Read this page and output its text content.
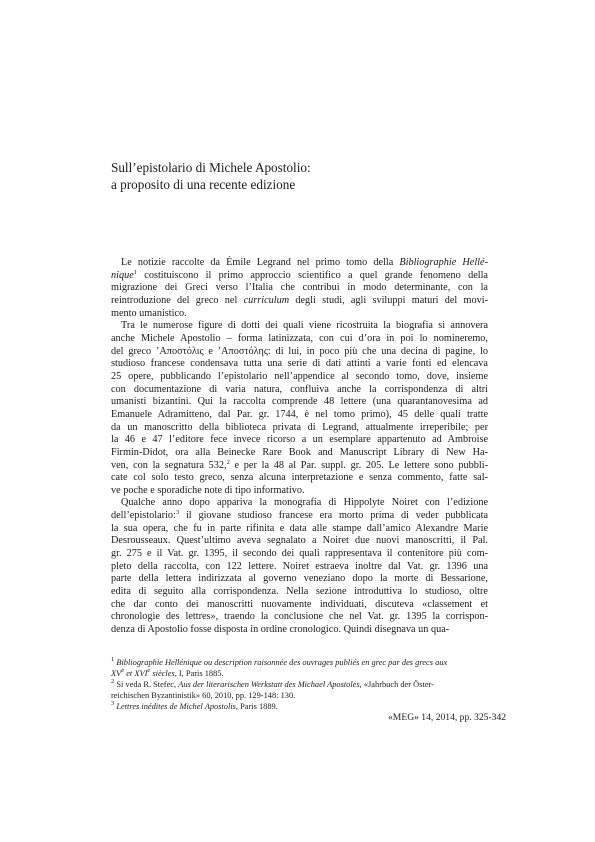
Sull’epistolario di Michele Apostolio:
a proposito di una recente edizione

Le notizie raccolte da Émile Legrand nel primo tomo della Bibliographie Hellé-
nique$^1$ costituiscono il primo approccio scientifico a quel grande fenomeno della
migrazione dei Greci verso l’Italia che contribuì in modo determinante, con la
reintroduzione del greco nel curriculum degli studi, agli sviluppi maturi del movi-
mento umanistico.

Tra le numerose figure di dotti dei quali viene ricostruita la biografia si annovera
anche Michele Apostolio – forma latinizzata, con cui d’ora in poi lo nomineremo,
del greco ’Αποστόλις e ’Αποστόλης: di lui, in poco più che una decina di pagine, lo
studioso francese condensava tutta una serie di dati attinti a varie fonti ed elencava
25 opere, pubblicando l’epistolario nell’appendice al secondo tomo, dove, insieme
con documentazione di varia natura, confluiva anche la corrispondenza di altri
umanisti bizantini. Qui la raccolta comprende 48 lettere (una quarantanovesima ad
Emanuele Adramitteno, dal Par. gr. 1744, è nel tomo primo), 45 delle quali tratte
da un manoscritto della biblioteca privata di Legrand, attualmente irreperibile; per
la 46 e 47 l’editore fece invece ricorso a un esemplare appartenuto ad Ambroise
Firmin-Didot, ora alla Beinecke Rare Book and Manuscript Library di New Ha-
ven, con la segnatura 532,$^2$ e per la 48 al Par. suppl. gr. 205. Le lettere sono pubbli-
cate col solo testo greco, senza alcuna interpretazione e senza commento, fatte sal-
ve poche e sporadiche note di tipo informativo.

Qualche anno dopo appariva la monografia di Hippolyte Noiret con l’edizione
dell’epistolario:$^3$ il giovane studioso francese era morto prima di veder pubblicata
la sua opera, che fu in parte rifinita e data alle stampe dall’amico Alexandre Marie
Desrousseaux. Quest’ultimo aveva segnalato a Noiret due nuovi manoscritti, il Pal.
gr. 275 e il Vat. gr. 1395, il secondo dei quali rappresentava il contenitore più com-
pleto della raccolta, con 122 lettere. Noiret estraeva inoltre dal Vat. gr. 1396 una
parte della lettera indirizzata al governo veneziano dopo la morte di Bessarione,
edita di seguito alla corrispondenza. Nella sezione introduttiva lo studioso, oltre
che dar conto dei manoscritti nuovamente individuati, discuteva «classement et
chronologie des lettres», traendo la conclusione che nel Vat. gr. 1395 la corrispon-
denza di Apostolio fosse disposta in ordine cronologico. Quindi disegnava un qua-

$^1$ Bibliographie Hellénique ou description raisonnée des ouvrages publiés en grec par des grecs aux
XVe et XVIe siècles, I, Paris 1885.
$^2$ Si veda R. Stefec, Aus der literarischen Werkstatt des Michael Apostoles, «Jahrbuch der Öster-
reichischen Byzantinistik» 60, 2010, pp. 129-148: 130.
$^3$ Lettres inédites de Michel Apostolis, Paris 1889.
«MEG» 14, 2014, pp. 325-342
